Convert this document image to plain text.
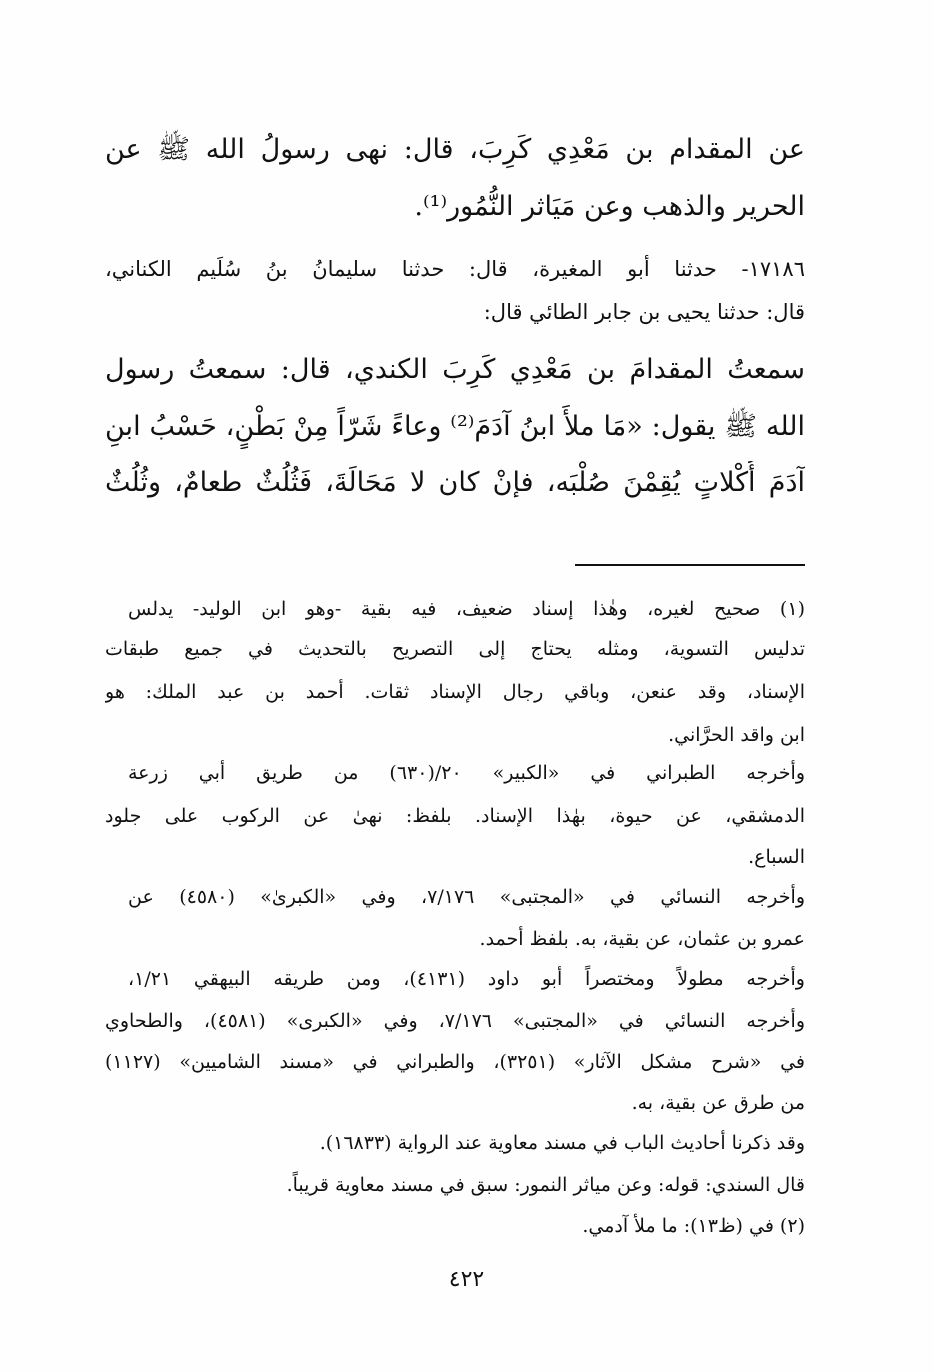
عن المقدام بن مَعْدِي كَرِبَ، قال: نهى رسولُ الله ﷺ عن
الحرير والذهب وعن مَيَاثر النُّمُور⁽¹⁾.
١٧١٨٦- حدثنا أبو المغيرة، قال: حدثنا سليمانُ بنُ سُلَيم الكناني،
قال: حدثنا يحيى بن جابر الطائي قال:
سمعتُ المقدامَ بن مَعْدِي كَرِبَ الكندي، قال: سمعتُ رسول
الله ﷺ يقول: «مَا ملأَ ابنُ آدَمَ⁽²⁾ وعاءً شَرّاً مِنْ بَطْنٍ، حَسْبُ ابنِ
آدَمَ أُكْلاتٍ يُقِمْنَ صُلْبَه، فإنْ كان لا مَحَالَةَ، فَثُلُثٌ طعامٌ، وثُلُثٌ
(١) صحيح لغيره، وهٰذا إسناد ضعيف، فيه بقية -وهو ابن الوليد- يدلس
تدليس التسوية، ومثله يحتاج إلى التصريح بالتحديث في جميع طبقات
الإسناد، وقد عنعن، وباقي رجال الإسناد ثقات. أحمد بن عبد الملك: هو
ابن واقد الحرَّاني.
وأخرجه الطبراني في «الكبير» ٢٠/(٦٣٠) من طريق أبي زرعة
الدمشقي، عن حيوة، بهٰذا الإسناد. بلفظ: نهىٰ عن الركوب على جلود
السباع.
وأخرجه النسائي في «المجتبى» ٧/١٧٦، وفي «الكبرىٰ» (٤٥٨٠) عن
عمرو بن عثمان، عن بقية، به. بلفظ أحمد.
وأخرجه مطولاً ومختصراً أبو داود (٤١٣١)، ومن طريقه البيهقي ١/٢١،
وأخرجه النسائي في «المجتبى» ٧/١٧٦، وفي «الكبرى» (٤٥٨١)، والطحاوي
في «شرح مشكل الآثار» (٣٢٥١)، والطبراني في «مسند الشاميين» (١١٢٧)
من طرق عن بقية، به.
وقد ذكرنا أحاديث الباب في مسند معاوية عند الرواية (١٦٨٣٣).
قال السندي: قوله: وعن مياثر النمور: سبق في مسند معاوية قريباً.
(٢) في (ظ١٣): ما ملأ آدمي.
٤٢٢
